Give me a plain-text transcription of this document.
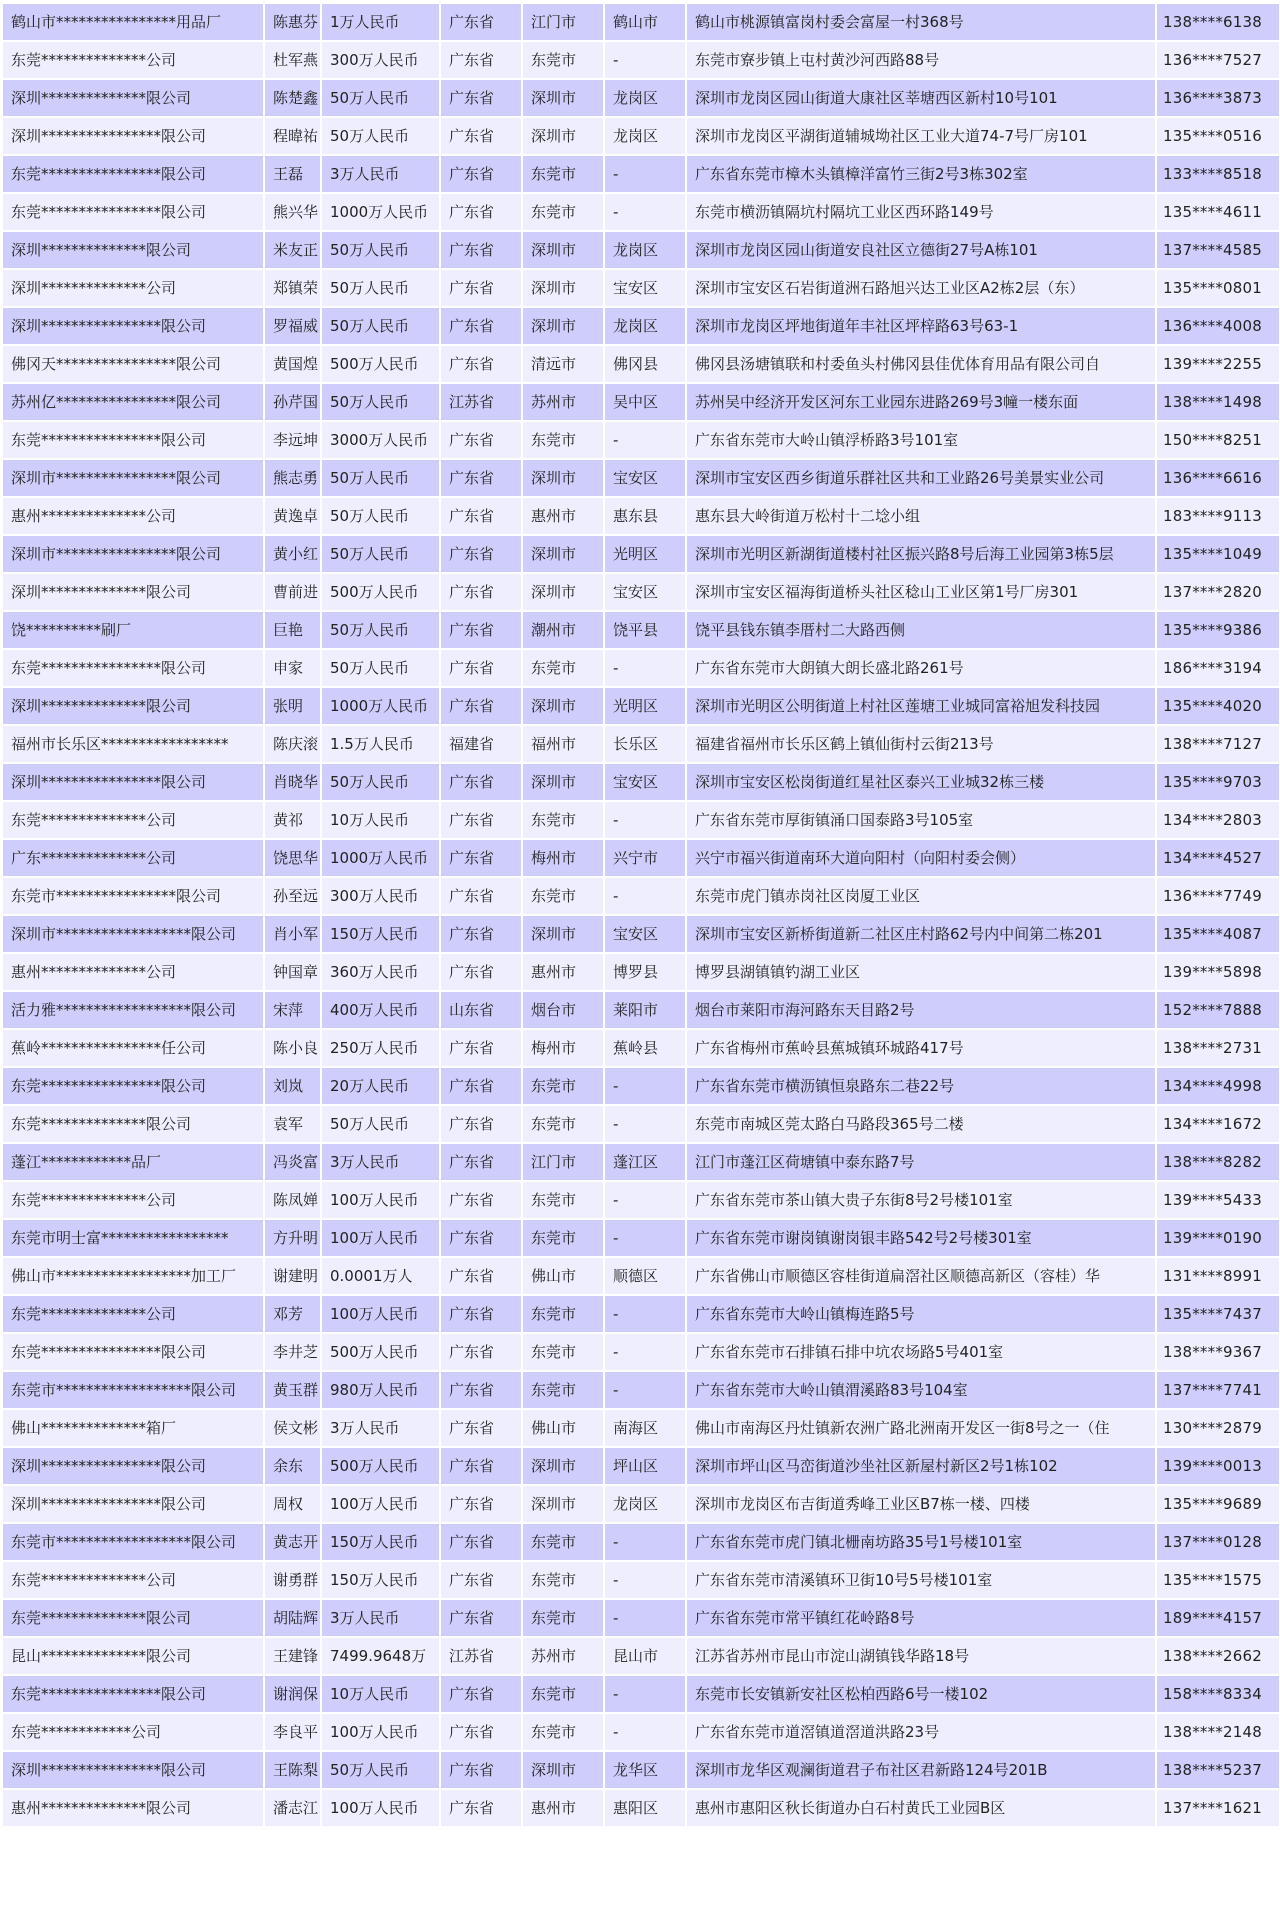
鹤山市****************用品厂	陈惠芬	1万人民币	广东省	江门市	鹤山市	鹤山市桃源镇富岗村委会富屋一村368号	138****6138
东莞**************公司	杜军燕	300万人民币	广东省	东莞市	-	东莞市寮步镇上屯村黄沙河西路88号	136****7527
深圳**************限公司	陈楚鑫	50万人民币	广东省	深圳市	龙岗区	深圳市龙岗区园山街道大康社区莘塘西区新村10号101	136****3873
深圳****************限公司	程暐祐	50万人民币	广东省	深圳市	龙岗区	深圳市龙岗区平湖街道辅城坳社区工业大道74-7号厂房101	135****0516
东莞****************限公司	王磊	3万人民币	广东省	东莞市	-	广东省东莞市樟木头镇樟洋富竹三街2号3栋302室	133****8518
东莞****************限公司	熊兴华	1000万人民币	广东省	东莞市	-	东莞市横沥镇隔坑村隔坑工业区西环路149号	135****4611
深圳**************限公司	米友正	50万人民币	广东省	深圳市	龙岗区	深圳市龙岗区园山街道安良社区立德街27号A栋101	137****4585
深圳**************公司	郑镇荣	50万人民币	广东省	深圳市	宝安区	深圳市宝安区石岩街道洲石路旭兴达工业区A2栋2层（东）	135****0801
深圳****************限公司	罗福威	50万人民币	广东省	深圳市	龙岗区	深圳市龙岗区坪地街道年丰社区坪梓路63号63-1	136****4008
佛冈天****************限公司	黄国煌	500万人民币	广东省	清远市	佛冈县	佛冈县汤塘镇联和村委鱼头村佛冈县佳优体育用品有限公司自	139****2255
苏州亿****************限公司	孙芹国	50万人民币	江苏省	苏州市	吴中区	苏州吴中经济开发区河东工业园东进路269号3幢一楼东面	138****1498
东莞****************限公司	李远坤	3000万人民币	广东省	东莞市	-	广东省东莞市大岭山镇浮桥路3号101室	150****8251
深圳市****************限公司	熊志勇	50万人民币	广东省	深圳市	宝安区	深圳市宝安区西乡街道乐群社区共和工业路26号美景实业公司	136****6616
惠州**************公司	黄逸卓	50万人民币	广东省	惠州市	惠东县	惠东县大岭街道万松村十二埝小组	183****9113
深圳市****************限公司	黄小红	50万人民币	广东省	深圳市	光明区	深圳市光明区新湖街道楼村社区振兴路8号后海工业园第3栋5层	135****1049
深圳**************限公司	曹前进	500万人民币	广东省	深圳市	宝安区	深圳市宝安区福海街道桥头社区稔山工业区第1号厂房301	137****2820
饶**********刷厂	巨艳	50万人民币	广东省	潮州市	饶平县	饶平县钱东镇李厝村二大路西侧	135****9386
东莞****************限公司	申家	50万人民币	广东省	东莞市	-	广东省东莞市大朗镇大朗长盛北路261号	186****3194
深圳**************限公司	张明	1000万人民币	广东省	深圳市	光明区	深圳市光明区公明街道上村社区莲塘工业城同富裕旭发科技园	135****4020
福州市长乐区*****************	陈庆滚	1.5万人民币	福建省	福州市	长乐区	福建省福州市长乐区鹤上镇仙街村云街213号	138****7127
深圳****************限公司	肖晓华	50万人民币	广东省	深圳市	宝安区	深圳市宝安区松岗街道红星社区泰兴工业城32栋三楼	135****9703
东莞**************公司	黄祁	10万人民币	广东省	东莞市	-	广东省东莞市厚街镇涌口国泰路3号105室	134****2803
广东**************公司	饶思华	1000万人民币	广东省	梅州市	兴宁市	兴宁市福兴街道南环大道向阳村（向阳村委会侧）	134****4527
东莞市****************限公司	孙至远	300万人民币	广东省	东莞市	-	东莞市虎门镇赤岗社区岗厦工业区	136****7749
深圳市******************限公司	肖小军	150万人民币	广东省	深圳市	宝安区	深圳市宝安区新桥街道新二社区庄村路62号内中间第二栋201	135****4087
惠州**************公司	钟国章	360万人民币	广东省	惠州市	博罗县	博罗县湖镇镇钓湖工业区	139****5898
活力雅******************限公司	宋萍	400万人民币	山东省	烟台市	莱阳市	烟台市莱阳市海河路东天目路2号	152****7888
蕉岭****************任公司	陈小良	250万人民币	广东省	梅州市	蕉岭县	广东省梅州市蕉岭县蕉城镇环城路417号	138****2731
东莞****************限公司	刘岚	20万人民币	广东省	东莞市	-	广东省东莞市横沥镇恒泉路东二巷22号	134****4998
东莞**************限公司	袁军	50万人民币	广东省	东莞市	-	东莞市南城区莞太路白马路段365号二楼	134****1672
蓬江************品厂	冯炎富	3万人民币	广东省	江门市	蓬江区	江门市蓬江区荷塘镇中泰东路7号	138****8282
东莞**************公司	陈凤婵	100万人民币	广东省	东莞市	-	广东省东莞市茶山镇大贵子东街8号2号楼101室	139****5433
东莞市明士富*****************	方升明	100万人民币	广东省	东莞市	-	广东省东莞市谢岗镇谢岗银丰路542号2号楼301室	139****0190
佛山市******************加工厂	谢建明	0.0001万人	广东省	佛山市	顺德区	广东省佛山市顺德区容桂街道扁滘社区顺德高新区（容桂）华	131****8991
东莞**************公司	邓芳	100万人民币	广东省	东莞市	-	广东省东莞市大岭山镇梅连路5号	135****7437
东莞****************限公司	李井芝	500万人民币	广东省	东莞市	-	广东省东莞市石排镇石排中坑农场路5号401室	138****9367
东莞市******************限公司	黄玉群	980万人民币	广东省	东莞市	-	广东省东莞市大岭山镇渭溪路83号104室	137****7741
佛山**************箱厂	侯文彬	3万人民币	广东省	佛山市	南海区	佛山市南海区丹灶镇新农洲广路北洲南开发区一街8号之一（住	130****2879
深圳****************限公司	余东	500万人民币	广东省	深圳市	坪山区	深圳市坪山区马峦街道沙坐社区新屋村新区2号1栋102	139****0013
深圳****************限公司	周权	100万人民币	广东省	深圳市	龙岗区	深圳市龙岗区布吉街道秀峰工业区B7栋一楼、四楼	135****9689
东莞市******************限公司	黄志开	150万人民币	广东省	东莞市	-	广东省东莞市虎门镇北栅南坊路35号1号楼101室	137****0128
东莞**************公司	谢勇群	150万人民币	广东省	东莞市	-	广东省东莞市清溪镇环卫街10号5号楼101室	135****1575
东莞**************限公司	胡陆辉	3万人民币	广东省	东莞市	-	广东省东莞市常平镇红花岭路8号	189****4157
昆山**************限公司	王建锋	7499.9648万	江苏省	苏州市	昆山市	江苏省苏州市昆山市淀山湖镇钱华路18号	138****2662
东莞****************限公司	谢润保	10万人民币	广东省	东莞市	-	东莞市长安镇新安社区松柏西路6号一楼102	158****8334
东莞************公司	李良平	100万人民币	广东省	东莞市	-	广东省东莞市道滘镇道滘道洪路23号	138****2148
深圳****************限公司	王陈梨	50万人民币	广东省	深圳市	龙华区	深圳市龙华区观澜街道君子布社区君新路124号201B	138****5237
惠州**************限公司	潘志江	100万人民币	广东省	惠州市	惠阳区	惠州市惠阳区秋长街道办白石村黄氏工业园B区	137****1621
